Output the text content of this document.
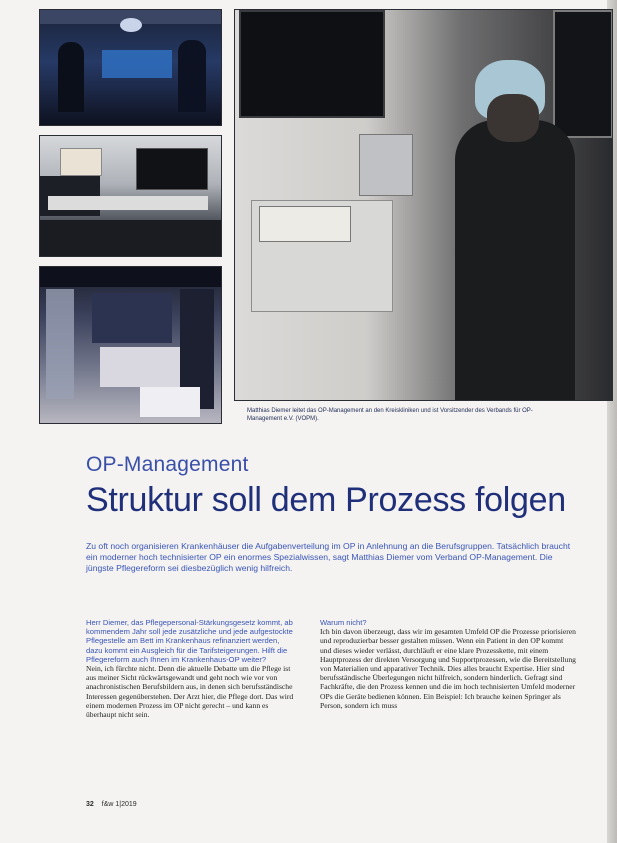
Matthias Diemer leitet das OP-Management an den Kreiskliniken und ist Vorsitzender des Verbands für OP-Management e.V. (VOPM).
OP-Management
Struktur soll dem Prozess folgen
Zu oft noch organisieren Krankenhäuser die Aufgabenverteilung im OP in Anlehnung an die Berufsgruppen. Tatsächlich braucht ein moderner hoch technisierter OP ein enormes Spezialwissen, sagt Matthias Diemer vom Verband OP-Management. Die jüngste Pflegereform sei diesbezüglich wenig hilfreich.

Herr Diemer, das Pflegepersonal-Stärkungsgesetz kommt, ab kommendem Jahr soll jede zusätzliche und jede aufgestockte Pflegestelle am Bett im Krankenhaus refinanziert werden, dazu kommt ein Ausgleich für die Tarifsteigerungen. Hilft die Pflegereform auch Ihnen im Krankenhaus-OP weiter?

Nein, ich fürchte nicht. Denn die aktuelle Debatte um die Pflege ist aus meiner Sicht rückwärtsgewandt und geht noch wie vor von anachronistischen Berufsbildern aus, in denen sich berufsständische Interessen gegenüberstehen. Der Arzt hier, die Pflege dort. Das wird einem modernen Prozess im OP nicht gerecht – und kann es überhaupt nicht sein.

Warum nicht?

Ich bin davon überzeugt, dass wir im gesamten Umfeld OP die Prozesse priorisieren und reproduzierbar besser gestalten müssen. Wenn ein Patient in den OP kommt und dieses wieder verlässt, durchläuft er eine klare Prozesskette, mit einem Hauptprozess der direkten Versorgung und Supportprozessen, wie die Bereitstellung von Materialien und apparativer Technik. Dies alles braucht Expertise. Hier sind berufsständische Überlegungen nicht hilfreich, sondern hinderlich. Gefragt sind Fachkräfte, die den Prozess kennen und die im hoch technisierten Umfeld moderner OPs die Geräte bedienen können. Ein Beispiel: Ich brauche keinen Springer als Person, sondern ich muss

32 f&w 1|2019
